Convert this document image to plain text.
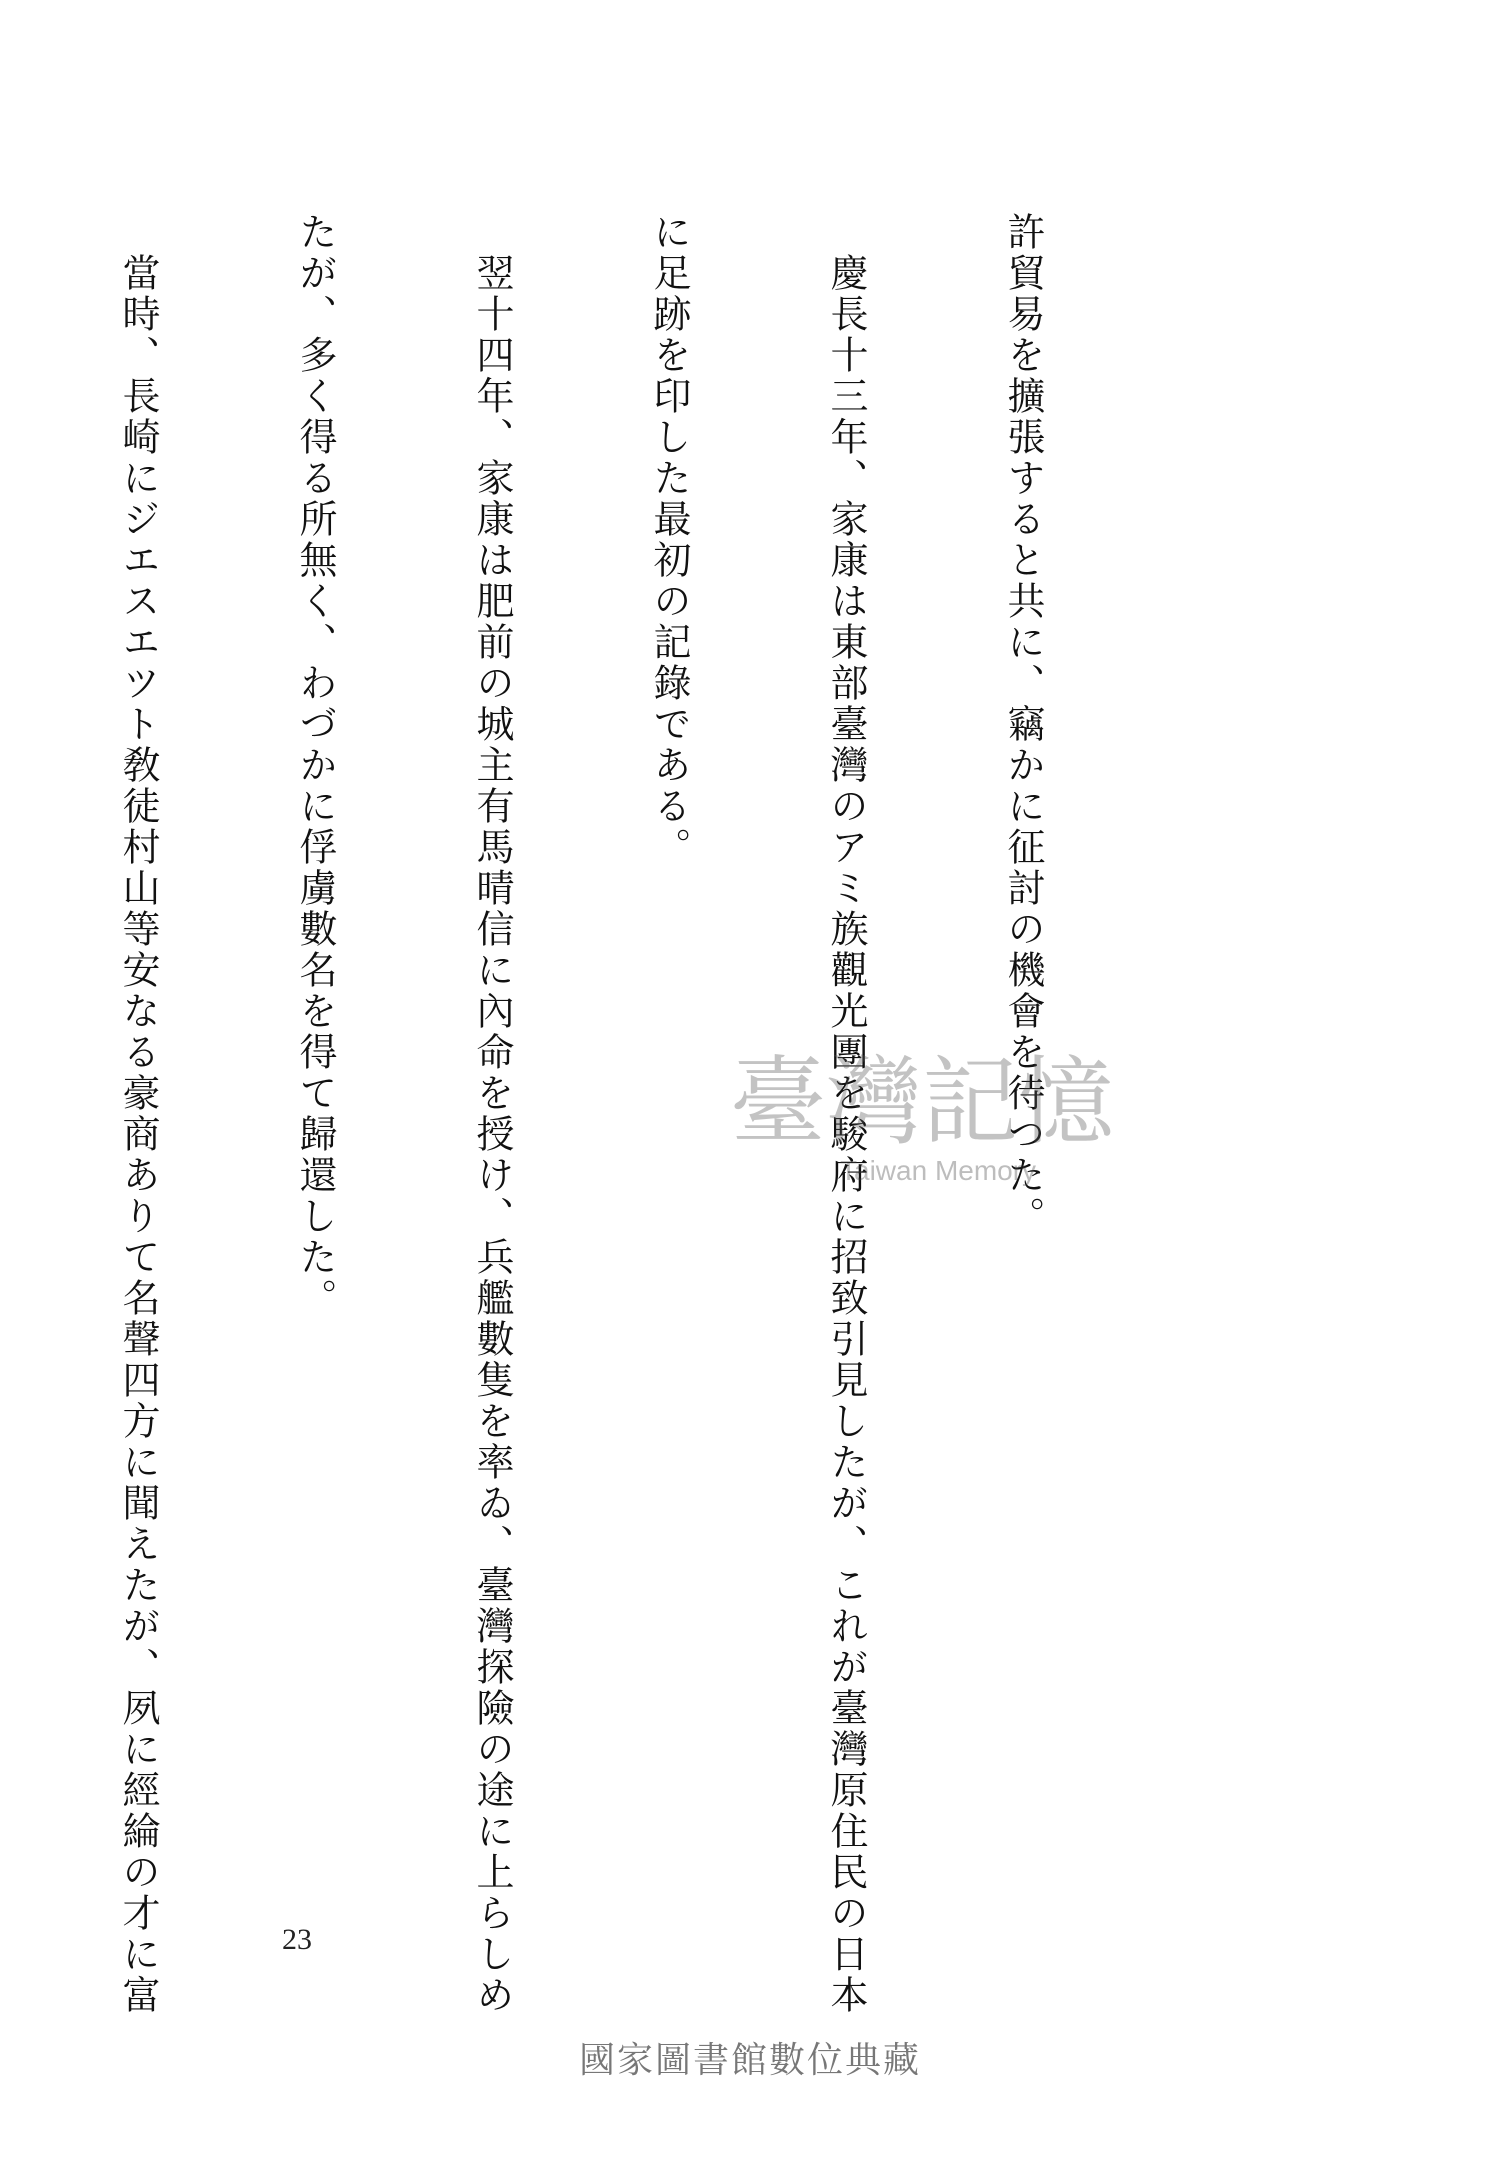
許貿易を擴張すると共に、竊かに征討の機會を待つた。

　慶長十三年、家康は東部臺灣のアミ族觀光團を駿府に招致引見したが、これが臺灣原住民の日本

に足跡を印した最初の記錄である。

　翌十四年、家康は肥前の城主有馬晴信に內命を授け、兵艦數隻を率ゐ、臺灣探險の途に上らしめ

たが、多く得る所無く、わづかに俘虜數名を得て歸還した。

　當時、長崎にジエスエツト敎徒村山等安なる豪商ありて名聲四方に聞えたが、夙に經綸の才に富

	臺灣記憶
Taiwan Memory
23
國家圖書館數位典藏
